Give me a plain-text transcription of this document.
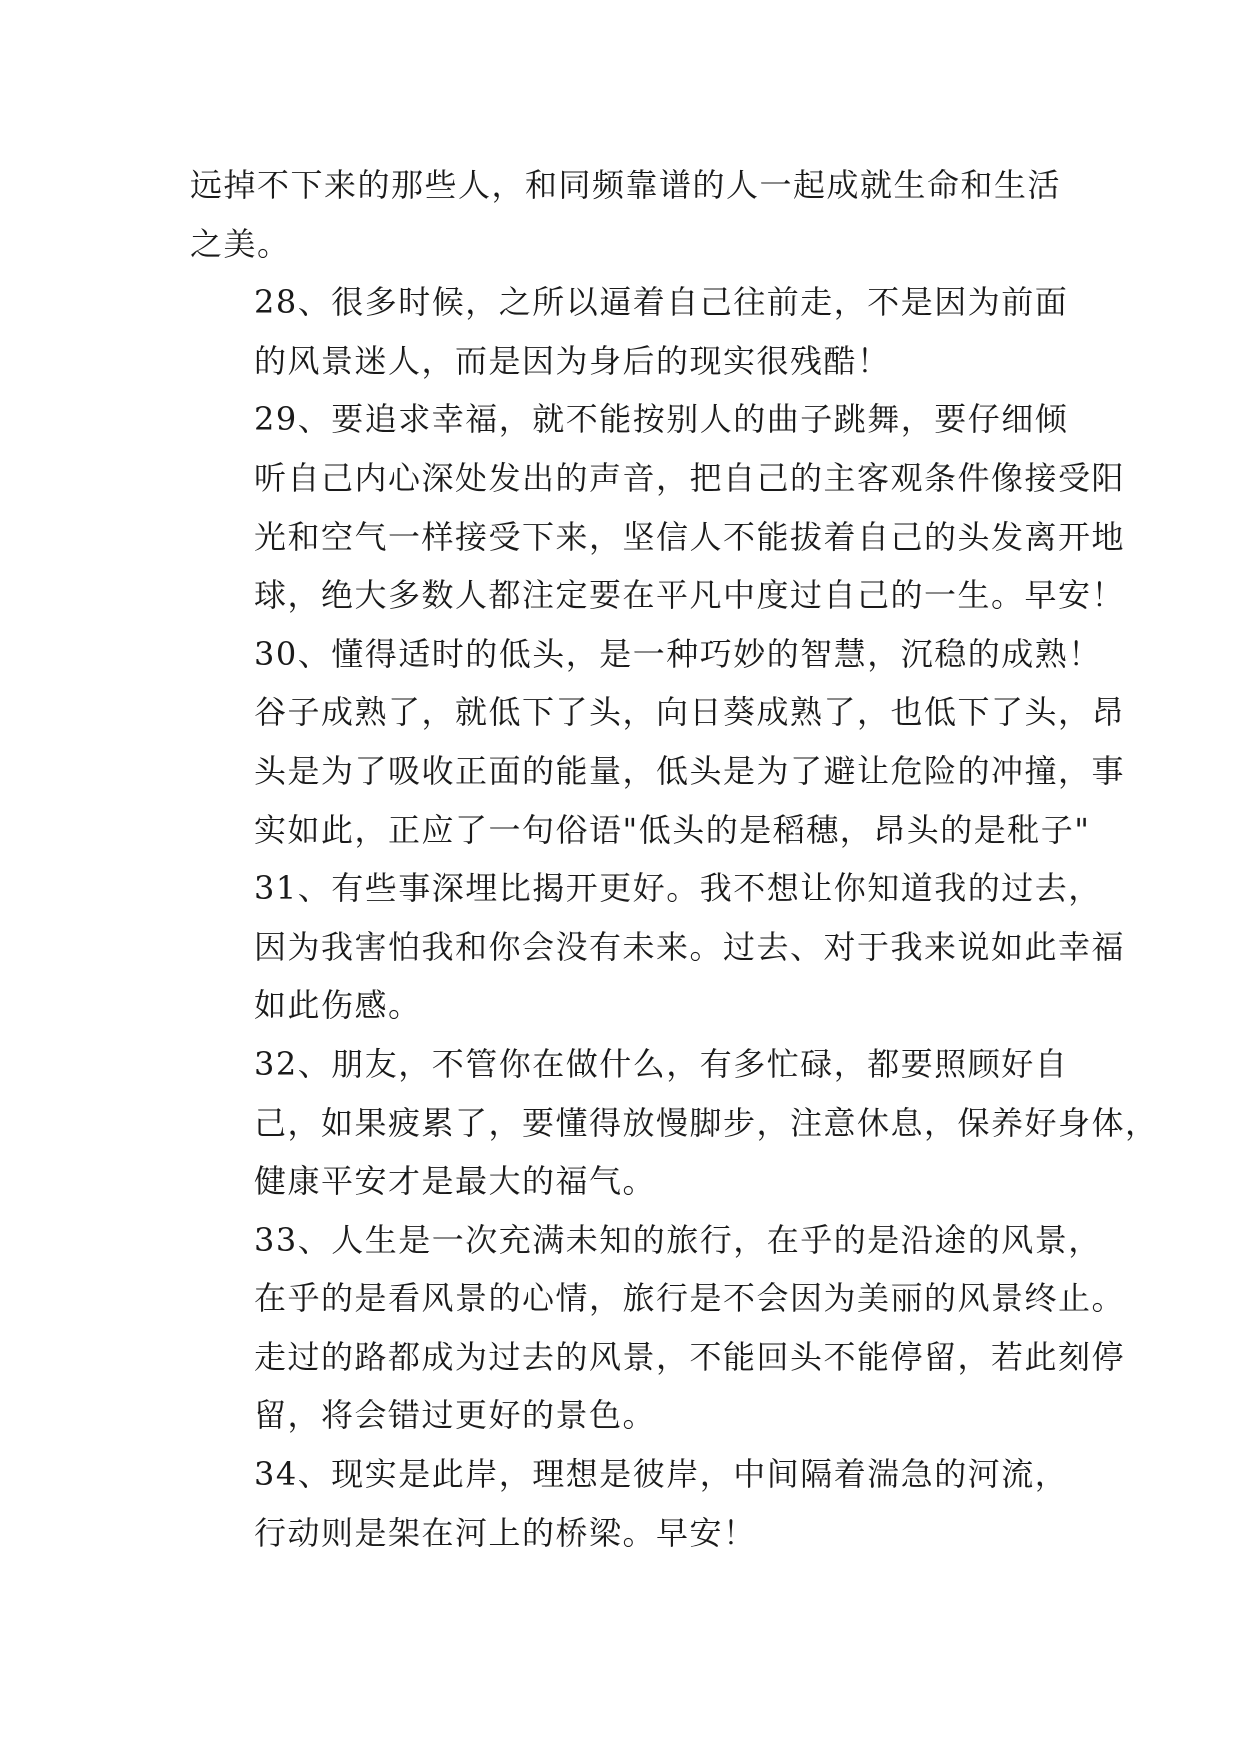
远掉不下来的那些人，和同频靠谱的人一起成就生命和生活
之美。

28、很多时候，之所以逼着自己往前走，不是因为前面
的风景迷人，而是因为身后的现实很残酷！

29、要追求幸福，就不能按别人的曲子跳舞，要仔细倾
听自己内心深处发出的声音，把自己的主客观条件像接受阳
光和空气一样接受下来，坚信人不能拔着自己的头发离开地
球，绝大多数人都注定要在平凡中度过自己的一生。早安！

30、懂得适时的低头，是一种巧妙的智慧，沉稳的成熟！
谷子成熟了，就低下了头，向日葵成熟了，也低下了头，昂
头是为了吸收正面的能量，低头是为了避让危险的冲撞，事
实如此，正应了一句俗语"低头的是稻穗，昂头的是秕子"

31、有些事深埋比揭开更好。我不想让你知道我的过去，
因为我害怕我和你会没有未来。过去、对于我来说如此幸福
如此伤感。

32、朋友，不管你在做什么，有多忙碌，都要照顾好自
己，如果疲累了，要懂得放慢脚步，注意休息，保养好身体，
健康平安才是最大的福气。

33、人生是一次充满未知的旅行，在乎的是沿途的风景，
在乎的是看风景的心情，旅行是不会因为美丽的风景终止。
走过的路都成为过去的风景，不能回头不能停留，若此刻停
留，将会错过更好的景色。

34、现实是此岸，理想是彼岸，中间隔着湍急的河流，
行动则是架在河上的桥梁。早安！
